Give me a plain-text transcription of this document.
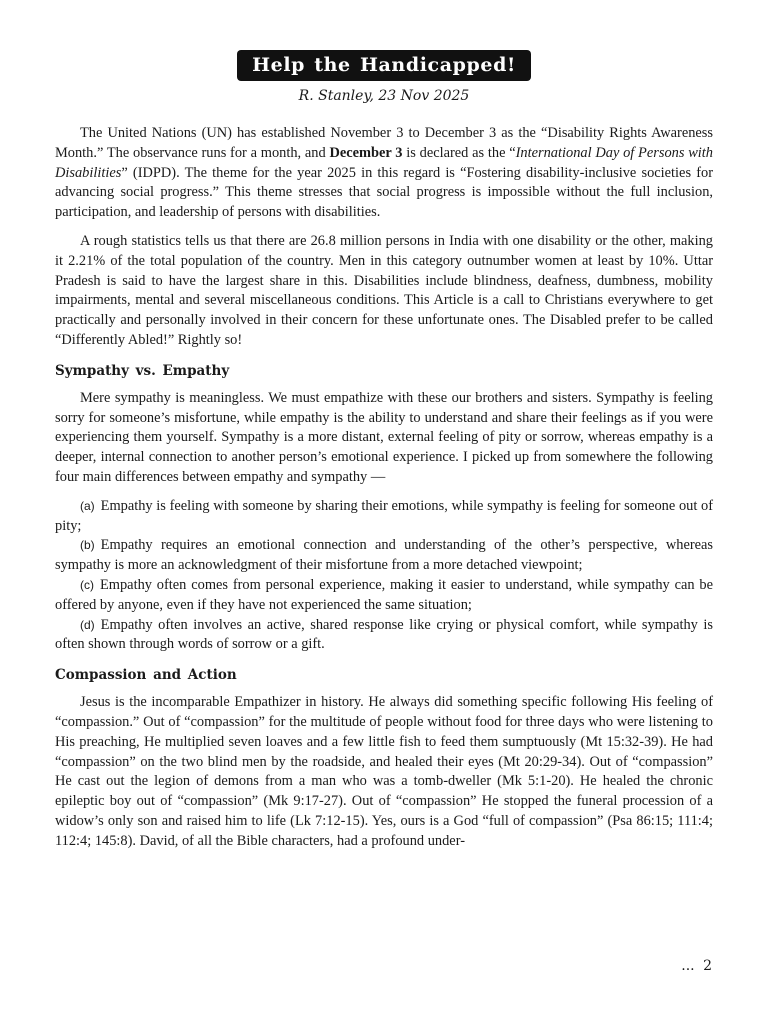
Help the Handicapped!
R. Stanley, 23 Nov 2025

The United Nations (UN) has established November 3 to December 3 as the “Disability Rights Awareness Month.” The observance runs for a month, and December 3 is declared as the “International Day of Persons with Disabilities” (IDPD). The theme for the year 2025 in this regard is “Fostering disability-inclusive societies for advancing social progress.” This theme stresses that social progress is impossible without the full inclusion, participation, and leadership of persons with disabilities.

A rough statistics tells us that there are 26.8 million persons in India with one disability or the other, making it 2.21% of the total population of the country. Men in this category outnumber women at least by 10%. Uttar Pradesh is said to have the largest share in this. Disabilities include blindness, deafness, dumbness, mobility impairments, mental and several miscellaneous conditions. This Article is a call to Christians everywhere to get practically and personally involved in their concern for these unfortunate ones. The Disabled prefer to be called “Differently Abled!” Rightly so!

Sympathy vs. Empathy

Mere sympathy is meaningless. We must empathize with these our brothers and sisters. Sympathy is feeling sorry for someone’s misfortune, while empathy is the ability to understand and share their feelings as if you were experiencing them yourself. Sympathy is a more distant, external feeling of pity or sorrow, whereas empathy is a deeper, internal connection to another person’s emotional experience. I picked up from somewhere the following four main differences between empathy and sympathy —

(a) Empathy is feeling with someone by sharing their emotions, while sympathy is feeling for someone out of pity;
(b) Empathy requires an emotional connection and understanding of the other’s perspective, whereas sympathy is more an acknowledgment of their misfortune from a more detached viewpoint;
(c) Empathy often comes from personal experience, making it easier to understand, while sympathy can be offered by anyone, even if they have not experienced the same situation;
(d) Empathy often involves an active, shared response like crying or physical comfort, while sympathy is often shown through words of sorrow or a gift.
Compassion and Action

Jesus is the incomparable Empathizer in history. He always did something specific following His feeling of “compassion.” Out of “compassion” for the multitude of people without food for three days who were listening to His preaching, He multiplied seven loaves and a few little fish to feed them sumptuously (Mt 15:32-39). He had “compassion” on the two blind men by the roadside, and healed their eyes (Mt 20:29-34). Out of “compassion” He cast out the legion of demons from a man who was a tomb-dweller (Mk 5:1-20). He healed the chronic epileptic boy out of “compassion” (Mk 9:17-27). Out of “compassion” He stopped the funeral procession of a widow’s only son and raised him to life (Lk 7:12-15). Yes, ours is a God “full of compassion” (Psa 86:15; 111:4; 112:4; 145:8). David, of all the Bible characters, had a profound under-

... 2
